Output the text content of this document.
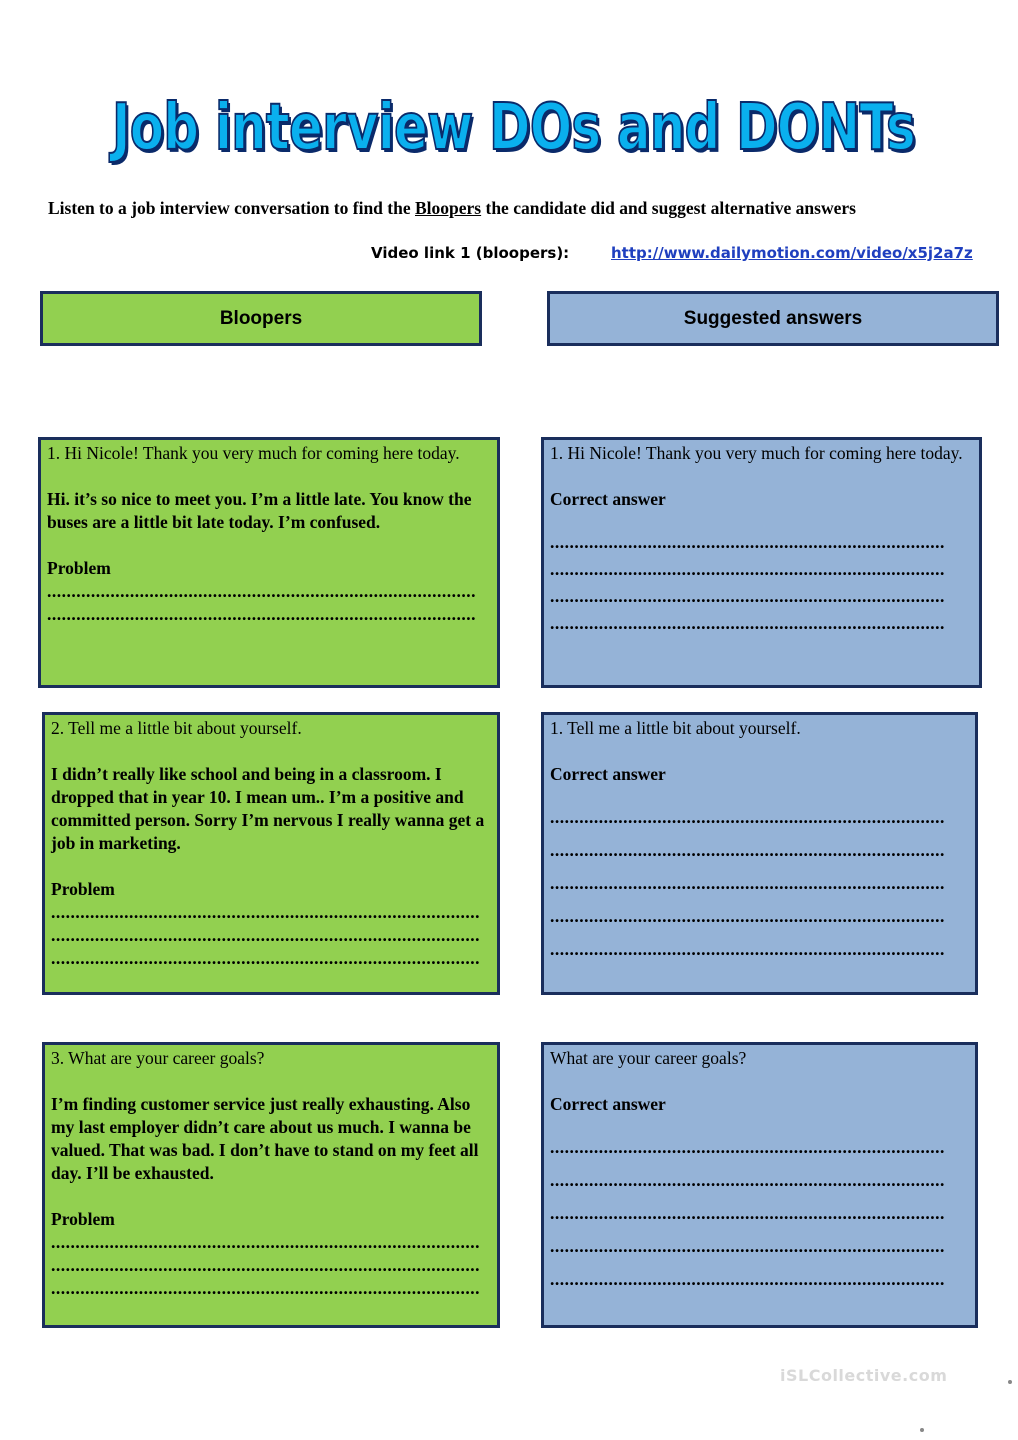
Job interview DOs and DONTs
Listen to a job interview conversation to find the Bloopers the candidate did and suggest alternative answers
Video link 1 (bloopers):	http://www.dailymotion.com/video/x5j2a7z
Bloopers	Suggested answers
1. Hi Nicole! Thank you very much for coming here today.
Hi. it’s so nice to meet you. I’m a little late. You know the buses are a little bit late today. I’m confused.
Problem
........................................................................................
........................................................................................
2. Tell me a little bit about yourself.
I didn’t really like school and being in a classroom. I dropped that in year 10. I mean um.. I’m a positive and committed person. Sorry I’m nervous I really wanna get a job in marketing.
Problem
........................................................................................
........................................................................................
........................................................................................
3. What are your career goals?
I’m finding customer service just really exhausting. Also my last employer didn’t care about us much. I wanna be valued. That was bad. I don’t have to stand on my feet all day. I’ll be exhausted.
Problem
........................................................................................
........................................................................................
........................................................................................
1. Hi Nicole! Thank you very much for coming here today.
Correct answer
.................................................................................
.................................................................................
.................................................................................
.................................................................................
1. Tell me a little bit about yourself.
Correct answer
.................................................................................
.................................................................................
.................................................................................
.................................................................................
.................................................................................
What are your career goals?
Correct answer
.................................................................................
.................................................................................
.................................................................................
.................................................................................
.................................................................................
iSLCollective.com
